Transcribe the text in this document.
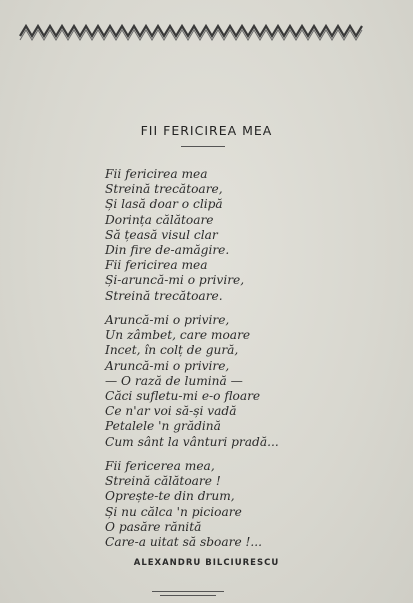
FII FERICIREA MEA
Fii fericirea mea
Streină trecătoare,
Și lasă doar o clipă
Dorința călătoare
Să țeasă visul clar
Din fire de-amăgire.
Fii fericirea mea
Și-aruncă-mi o privire,
Streină trecătoare.
Aruncă-mi o privire,
Un zâmbet, care moare
Incet, în colț de gură,
Aruncă-mi o privire,
— O rază de lumină —
Căci sufletu-mi e-o floare
Ce n'ar voi să-și vadă
Petalele 'n grădină
Cum sânt la vânturi pradă...
Fii fericerea mea,
Streină călătoare !
Oprește-te din drum,
Și nu călca 'n picioare
O pasăre rănită
Care-a uitat să sboare !...
ALEXANDRU BILCIURESCU
